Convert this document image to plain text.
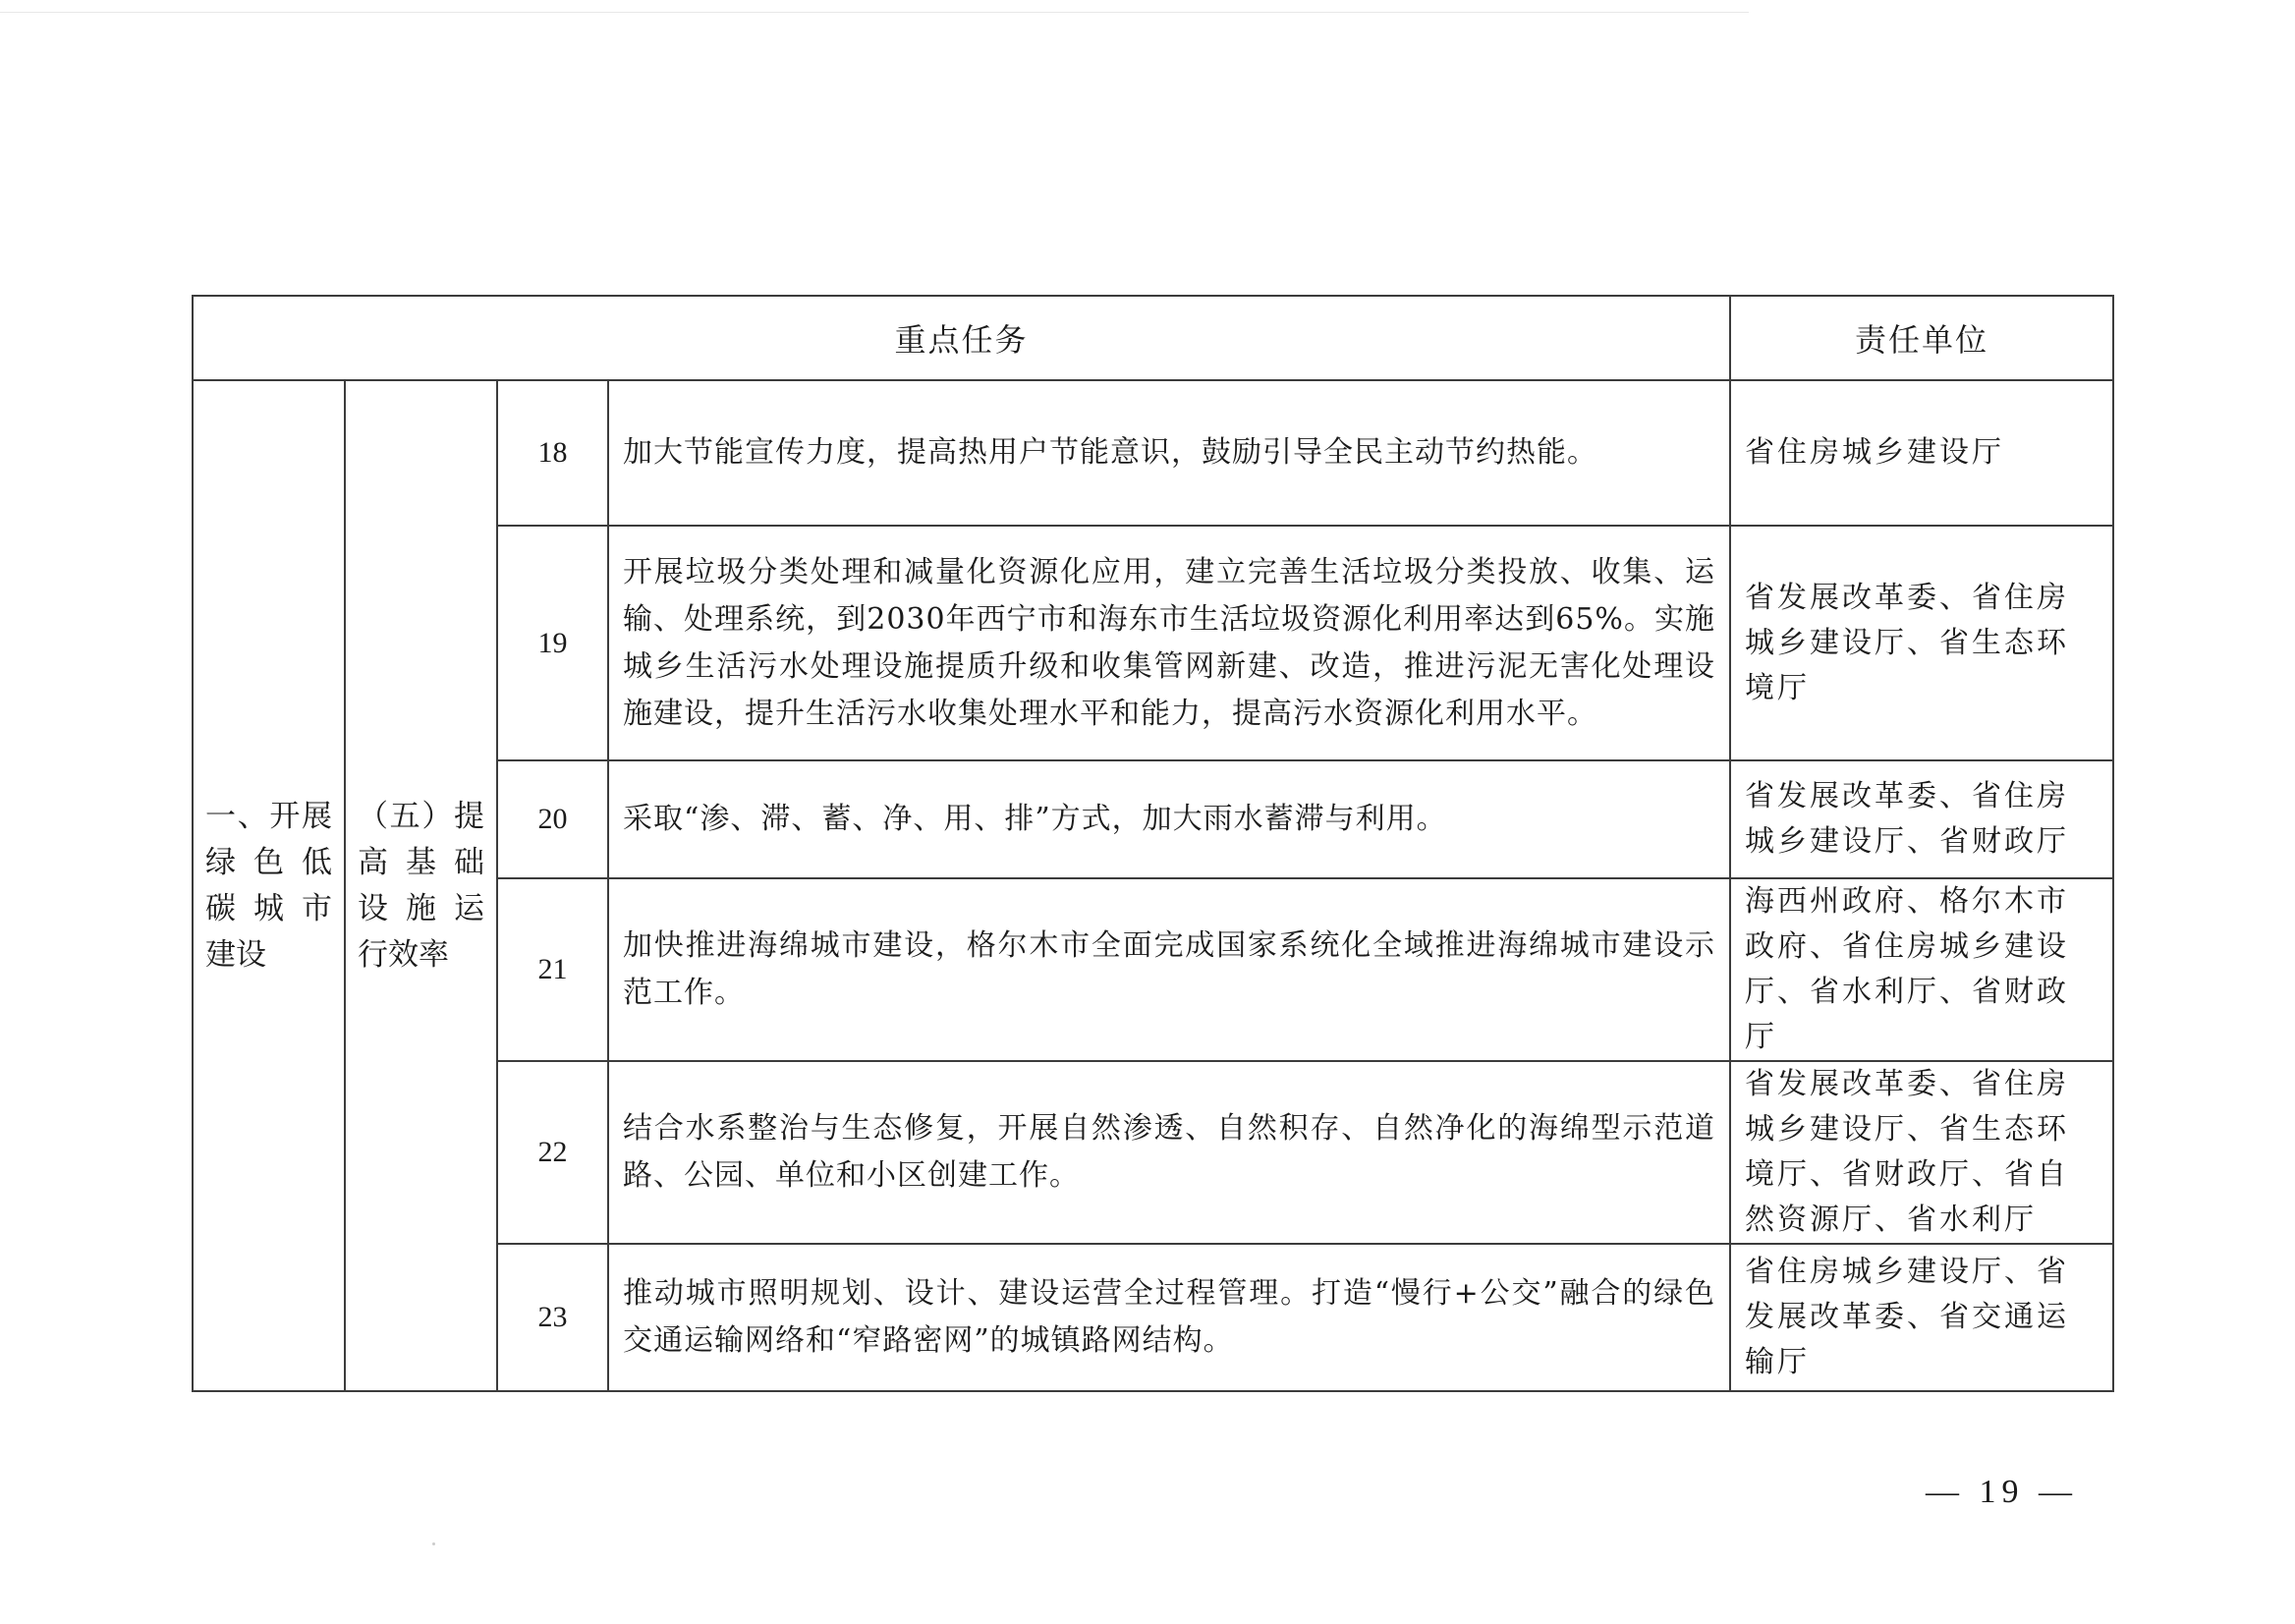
重点任务				责任单位

一、开展
绿 色 低
碳 城 市
建设	（五）提
高 基 础
设 施 运
行效率	18	加大节能宣传力度，提高热用户节能意识，鼓励引导全民主动节约热能。	省住房城乡建设厅
		19	开展垃圾分类处理和减量化资源化应用，建立完善生活垃圾分类投放、收集、运输、处理系统，到2030年西宁市和海东市生活垃圾资源化利用率达到65%。实施城乡生活污水处理设施提质升级和收集管网新建、改造，推进污泥无害化处理设施建设，提升生活污水收集处理水平和能力，提高污水资源化利用水平。	省发展改革委、省住房城乡建设厅、省生态环境厅
		20	采取“渗、滞、蓄、净、用、排”方式，加大雨水蓄滞与利用。	省发展改革委、省住房城乡建设厅、省财政厅
		21	加快推进海绵城市建设，格尔木市全面完成国家系统化全域推进海绵城市建设示范工作。	海西州政府、格尔木市政府、省住房城乡建设厅、省水利厅、省财政厅
		22	结合水系整治与生态修复，开展自然渗透、自然积存、自然净化的海绵型示范道路、公园、单位和小区创建工作。	省发展改革委、省住房城乡建设厅、省生态环境厅、省财政厅、省自然资源厅、省水利厅
		23	推动城市照明规划、设计、建设运营全过程管理。打造“慢行+公交”融合的绿色交通运输网络和“窄路密网”的城镇路网结构。	省住房城乡建设厅、省发展改革委、省交通运输厅
— 19 —
